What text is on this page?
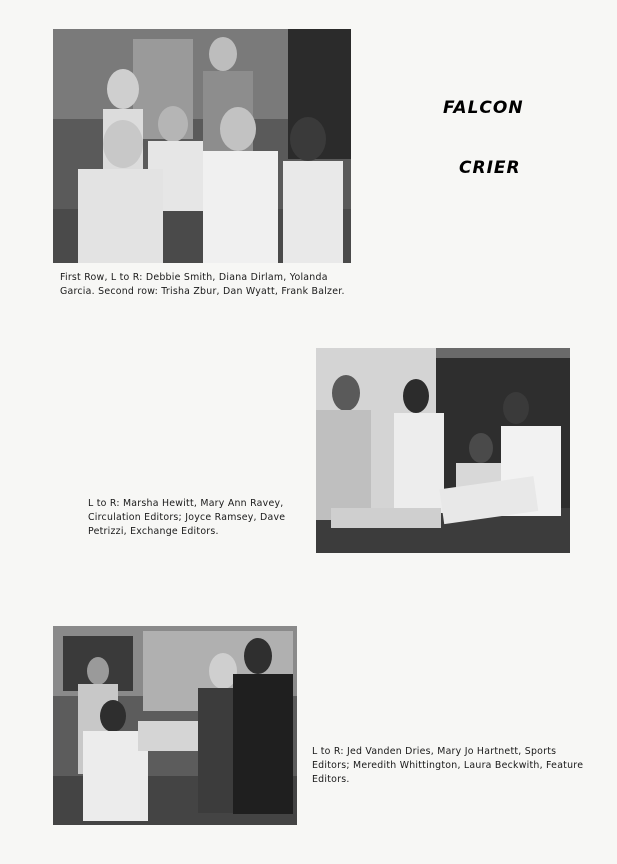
FALCON
CRIER

First Row, L to R: Debbie Smith, Diana Dirlam, Yolanda Garcia. Second row: Trisha Zbur, Dan Wyatt, Frank Balzer.

L to R: Marsha Hewitt, Mary Ann Ravey, Circulation Editors; Joyce Ramsey, Dave Petrizzi, Exchange Editors.

L to R: Jed Vanden Dries, Mary Jo Hartnett, Sports Editors; Meredith Whittington, Laura Beckwith, Feature Editors.
